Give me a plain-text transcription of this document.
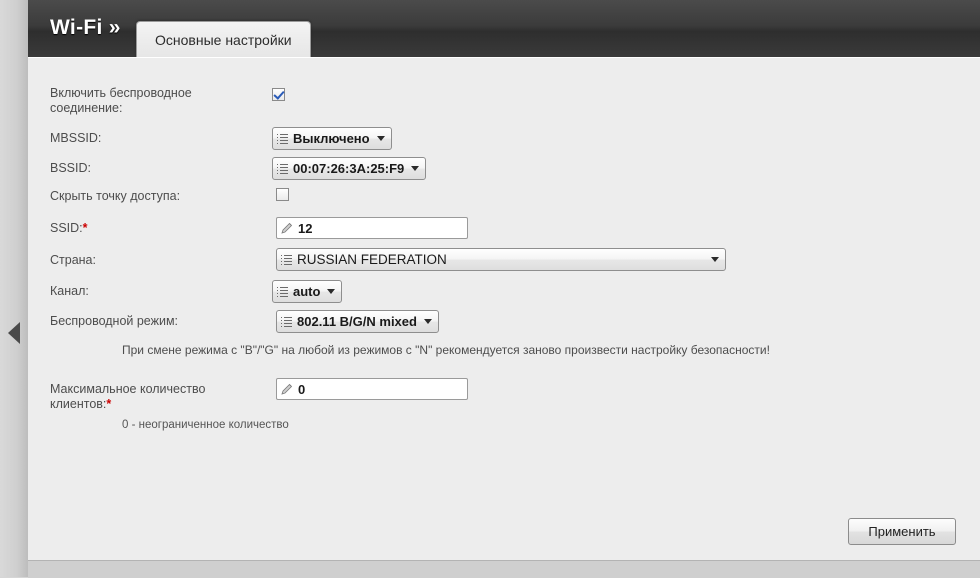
Wi-Fi »
Основные настройки
Включить беспроводное соединение:
MBSSID:	Выключено
BSSID:	00:07:26:3A:25:F9
Скрыть точку доступа:
SSID:*	12
Страна:	RUSSIAN FEDERATION
Канал:	auto
Беспроводной режим:	802.11 B/G/N mixed
При смене режима с "B"/"G" на любой из режимов с "N" рекомендуется заново произвести настройку безопасности!
Максимальное количество клиентов:*
0
0 - неограниченное количество
Применить
